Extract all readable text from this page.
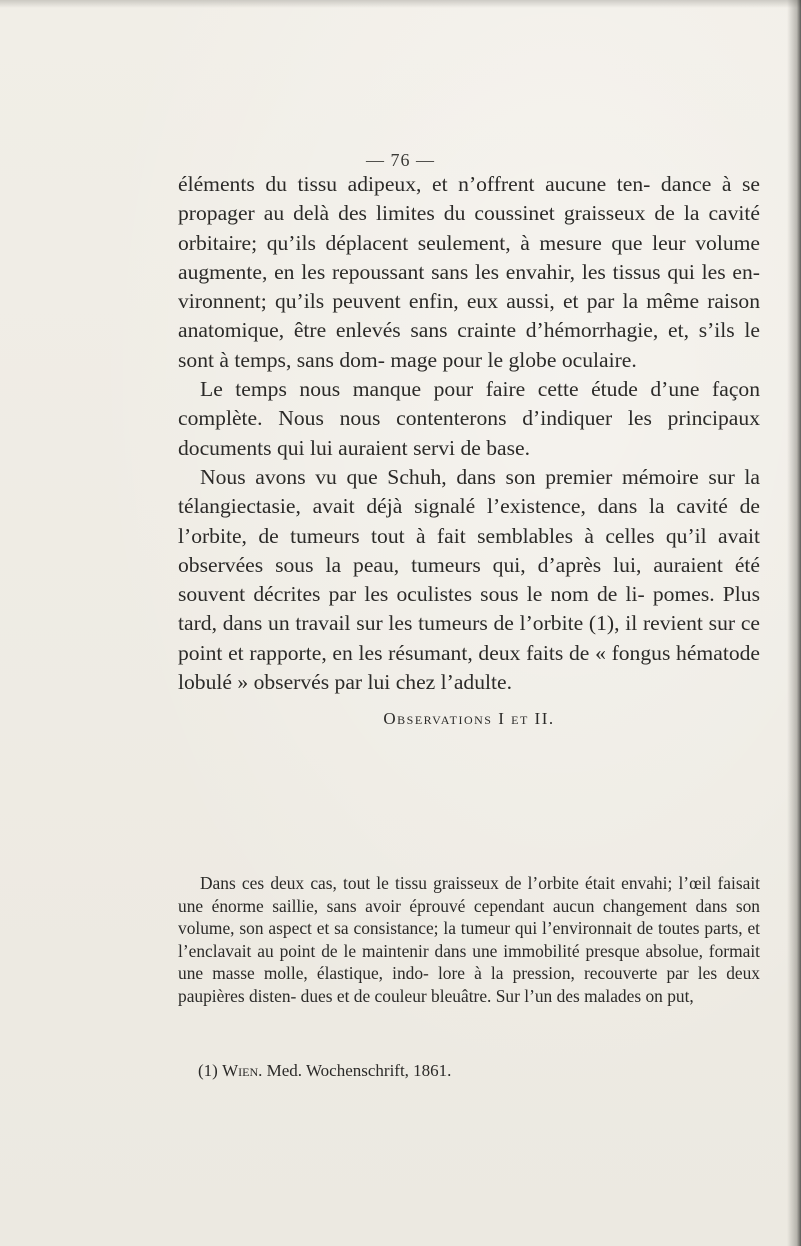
— 76 —

éléments du tissu adipeux, et n’offrent aucune ten- dance à se propager au delà des limites du coussinet graisseux de la cavité orbitaire; qu’ils déplacent seulement, à mesure que leur volume augmente, en les repoussant sans les envahir, les tissus qui les en- vironnent; qu’ils peuvent enfin, eux aussi, et par la même raison anatomique, être enlevés sans crainte d’hémorrhagie, et, s’ils le sont à temps, sans dom- mage pour le globe oculaire.

Le temps nous manque pour faire cette étude d’une façon complète. Nous nous contenterons d’indiquer les principaux documents qui lui auraient servi de base.

Nous avons vu que Schuh, dans son premier mémoire sur la télangiectasie, avait déjà signalé l’existence, dans la cavité de l’orbite, de tumeurs tout à fait semblables à celles qu’il avait observées sous la peau, tumeurs qui, d’après lui, auraient été souvent décrites par les oculistes sous le nom de li- pomes. Plus tard, dans un travail sur les tumeurs de l’orbite (1), il revient sur ce point et rapporte, en les résumant, deux faits de « fongus hématode lobulé » observés par lui chez l’adulte.

Observations I et II.

Dans ces deux cas, tout le tissu graisseux de l’orbite était envahi; l’œil faisait une énorme saillie, sans avoir éprouvé cependant aucun changement dans son volume, son aspect et sa consistance; la tumeur qui l’environnait de toutes parts, et l’enclavait au point de le maintenir dans une immobilité presque absolue, formait une masse molle, élastique, indo- lore à la pression, recouverte par les deux paupières disten- dues et de couleur bleuâtre. Sur l’un des malades on put,

(1) Wien. Med. Wochenschrift, 1861.
